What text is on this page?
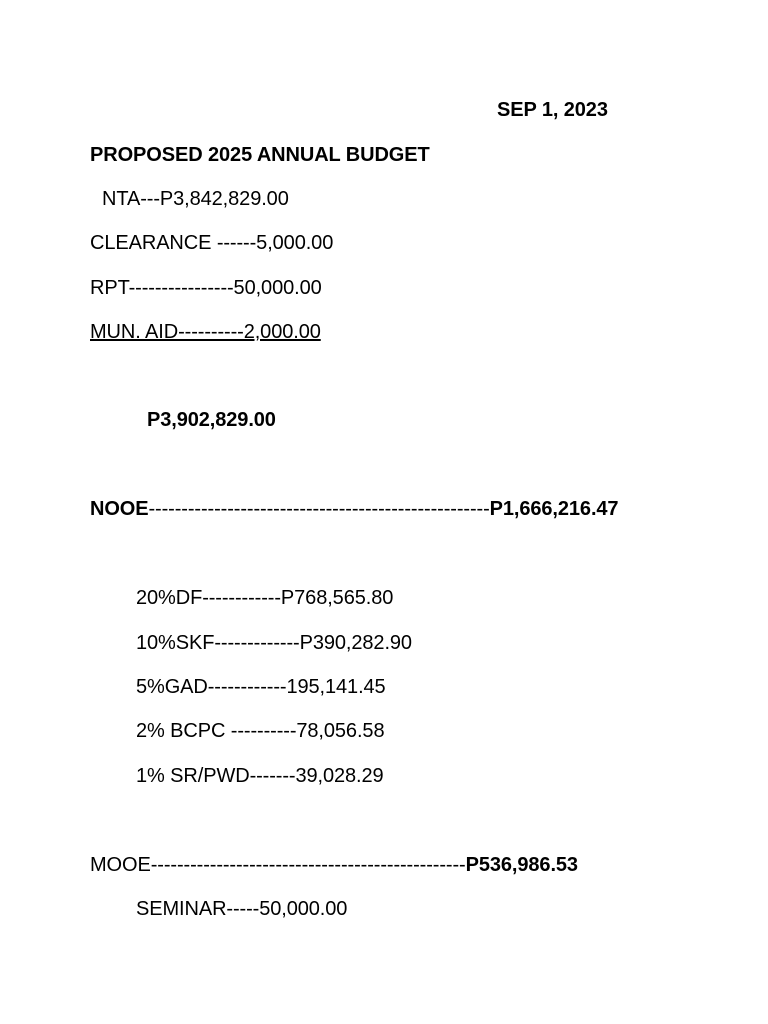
SEP 1, 2023
PROPOSED 2025 ANNUAL BUDGET
NTA---P3,842,829.00
CLEARANCE ------5,000.00
RPT----------------50,000.00
MUN. AID----------2,000.00
P3,902,829.00
NOOE----------------------------------------------------P1,666,216.47
20%DF------------P768,565.80
10%SKF-------------P390,282.90
5%GAD------------195,141.45
2% BCPC ----------78,056.58
1% SR/PWD-------39,028.29
MOOE------------------------------------------------P536,986.53
SEMINAR-----50,000.00
